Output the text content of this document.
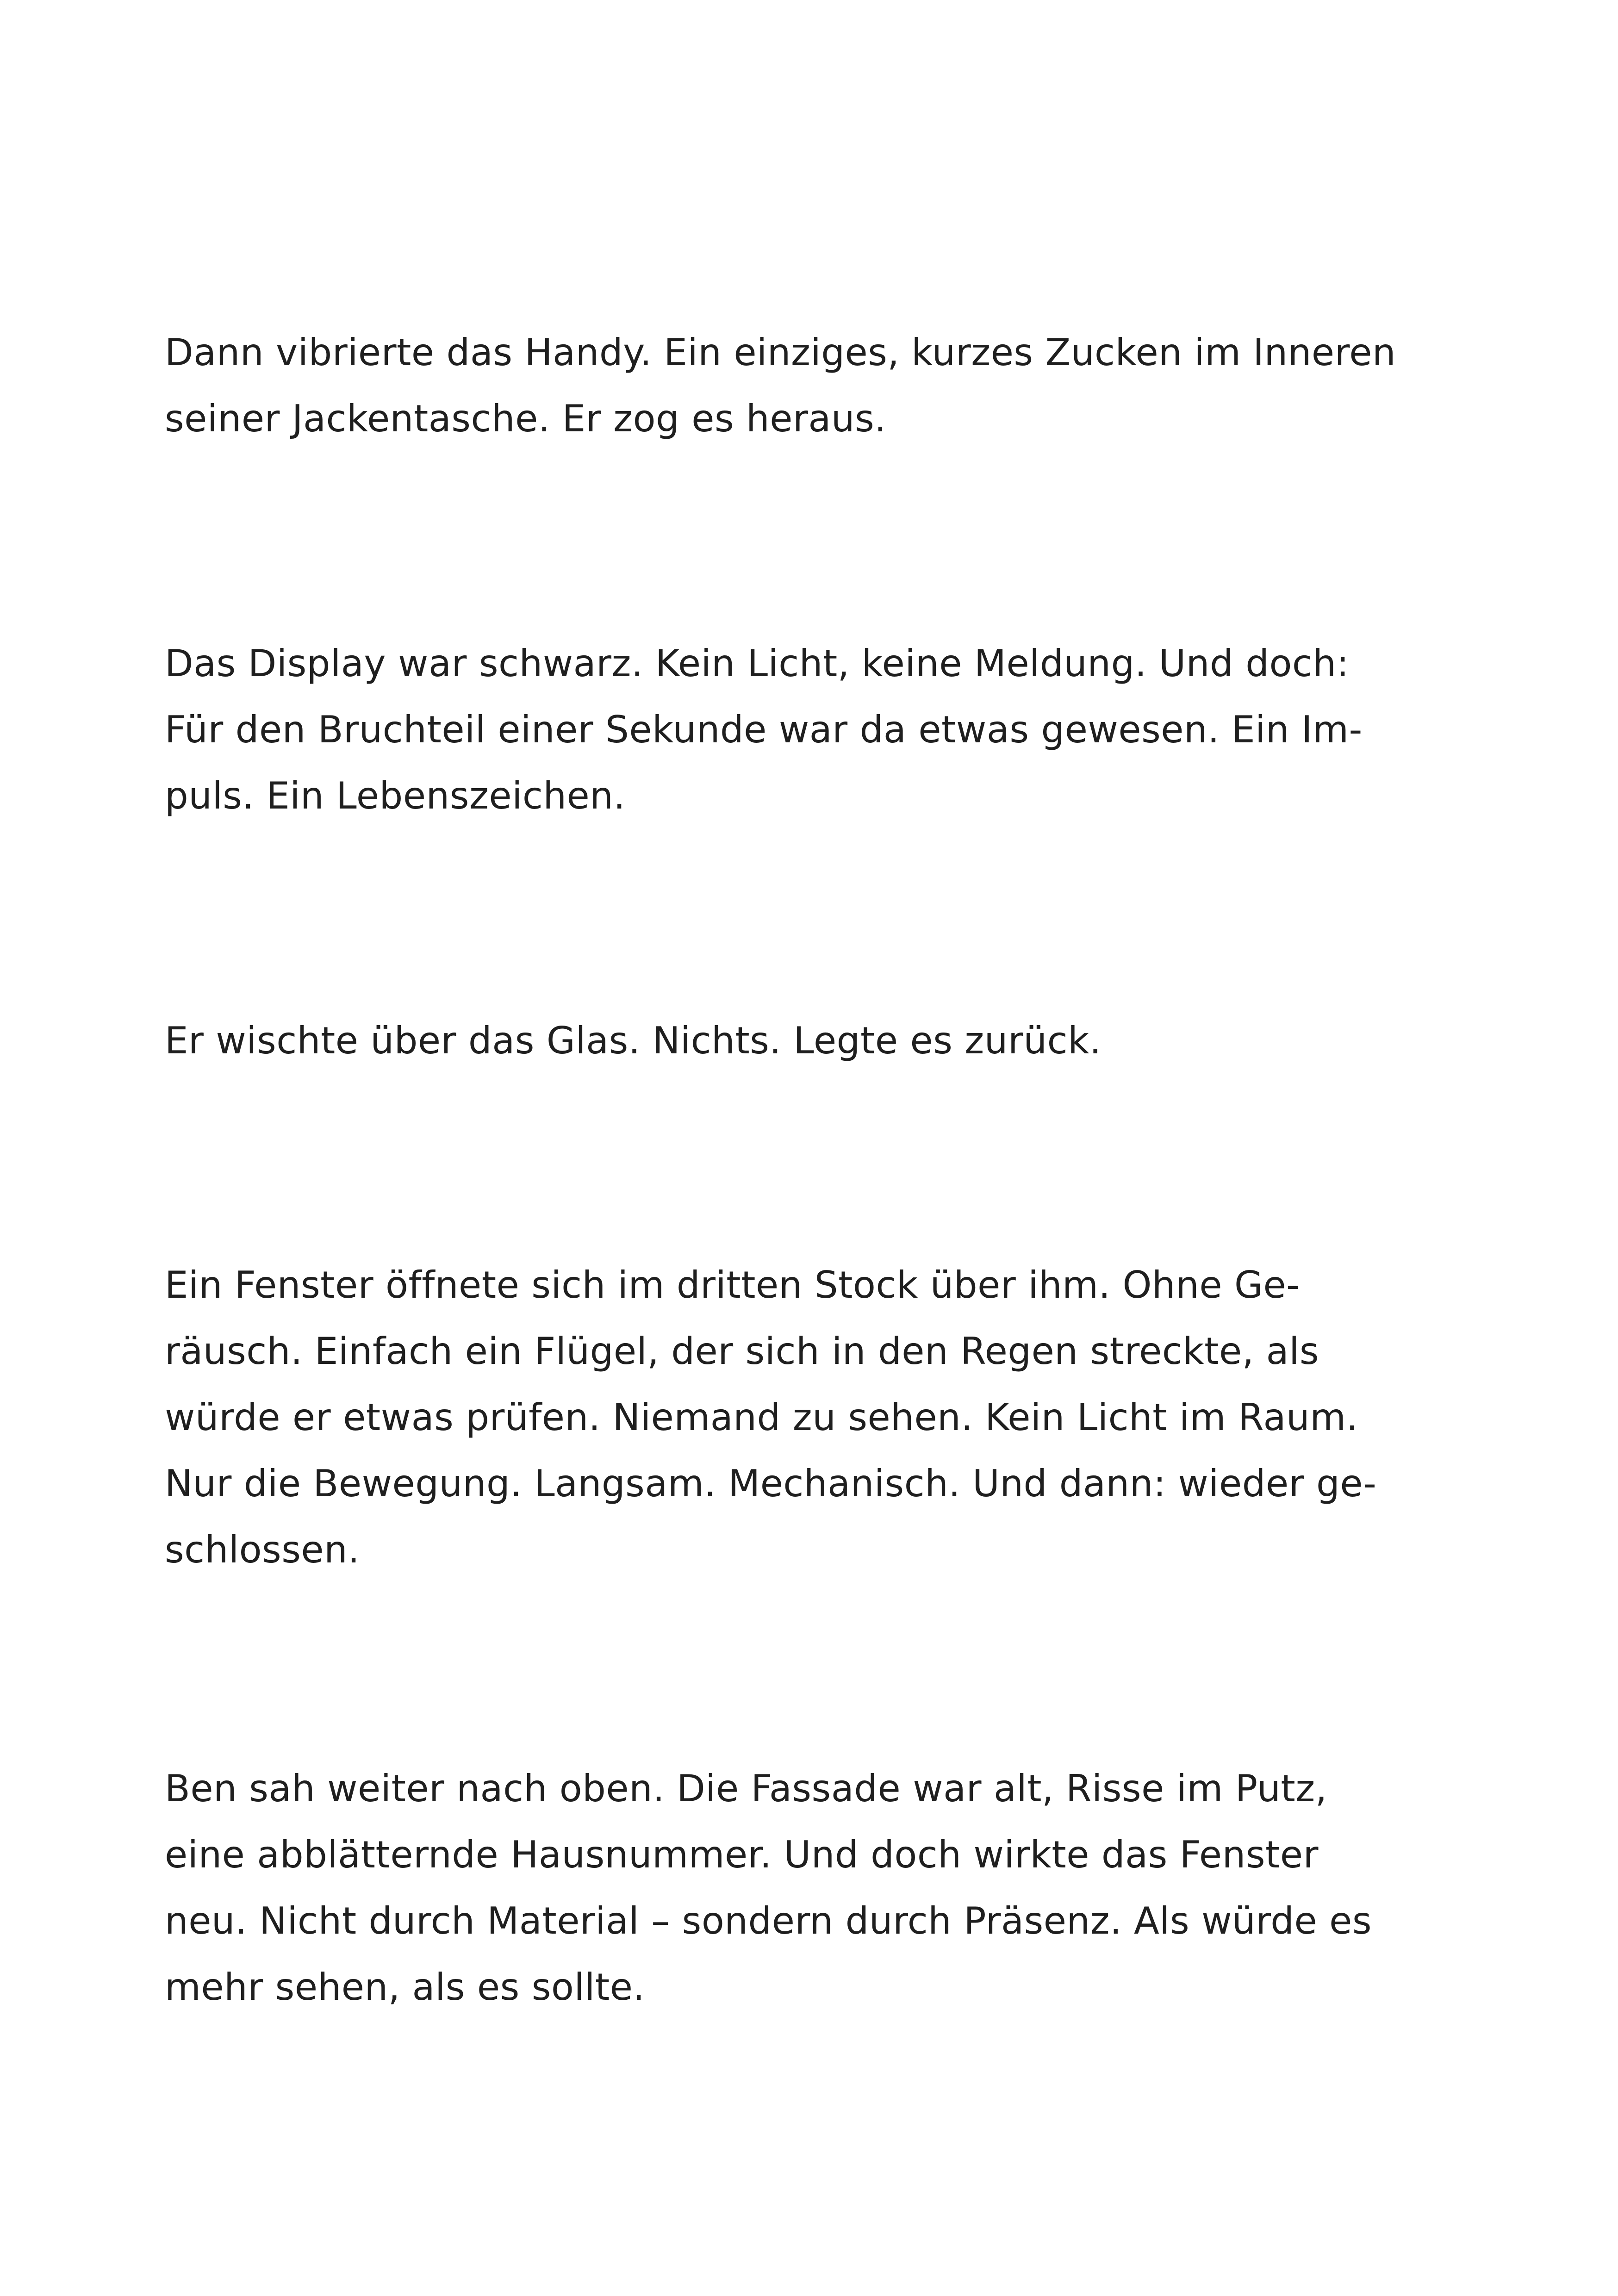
Dann vibrierte das Handy. Ein einziges, kurzes Zucken im Inneren
seiner Jackentasche. Er zog es heraus.

Das Display war schwarz. Kein Licht, keine Meldung. Und doch:
Für den Bruchteil einer Sekunde war da etwas gewesen. Ein Im-
puls. Ein Lebenszeichen.

Er wischte über das Glas. Nichts. Legte es zurück.

Ein Fenster öffnete sich im dritten Stock über ihm. Ohne Ge-
räusch. Einfach ein Flügel, der sich in den Regen streckte, als
würde er etwas prüfen. Niemand zu sehen. Kein Licht im Raum.
Nur die Bewegung. Langsam. Mechanisch. Und dann: wieder ge-
schlossen.

Ben sah weiter nach oben. Die Fassade war alt, Risse im Putz,
eine abblätternde Hausnummer. Und doch wirkte das Fenster
neu. Nicht durch Material – sondern durch Präsenz. Als würde es
mehr sehen, als es sollte.
